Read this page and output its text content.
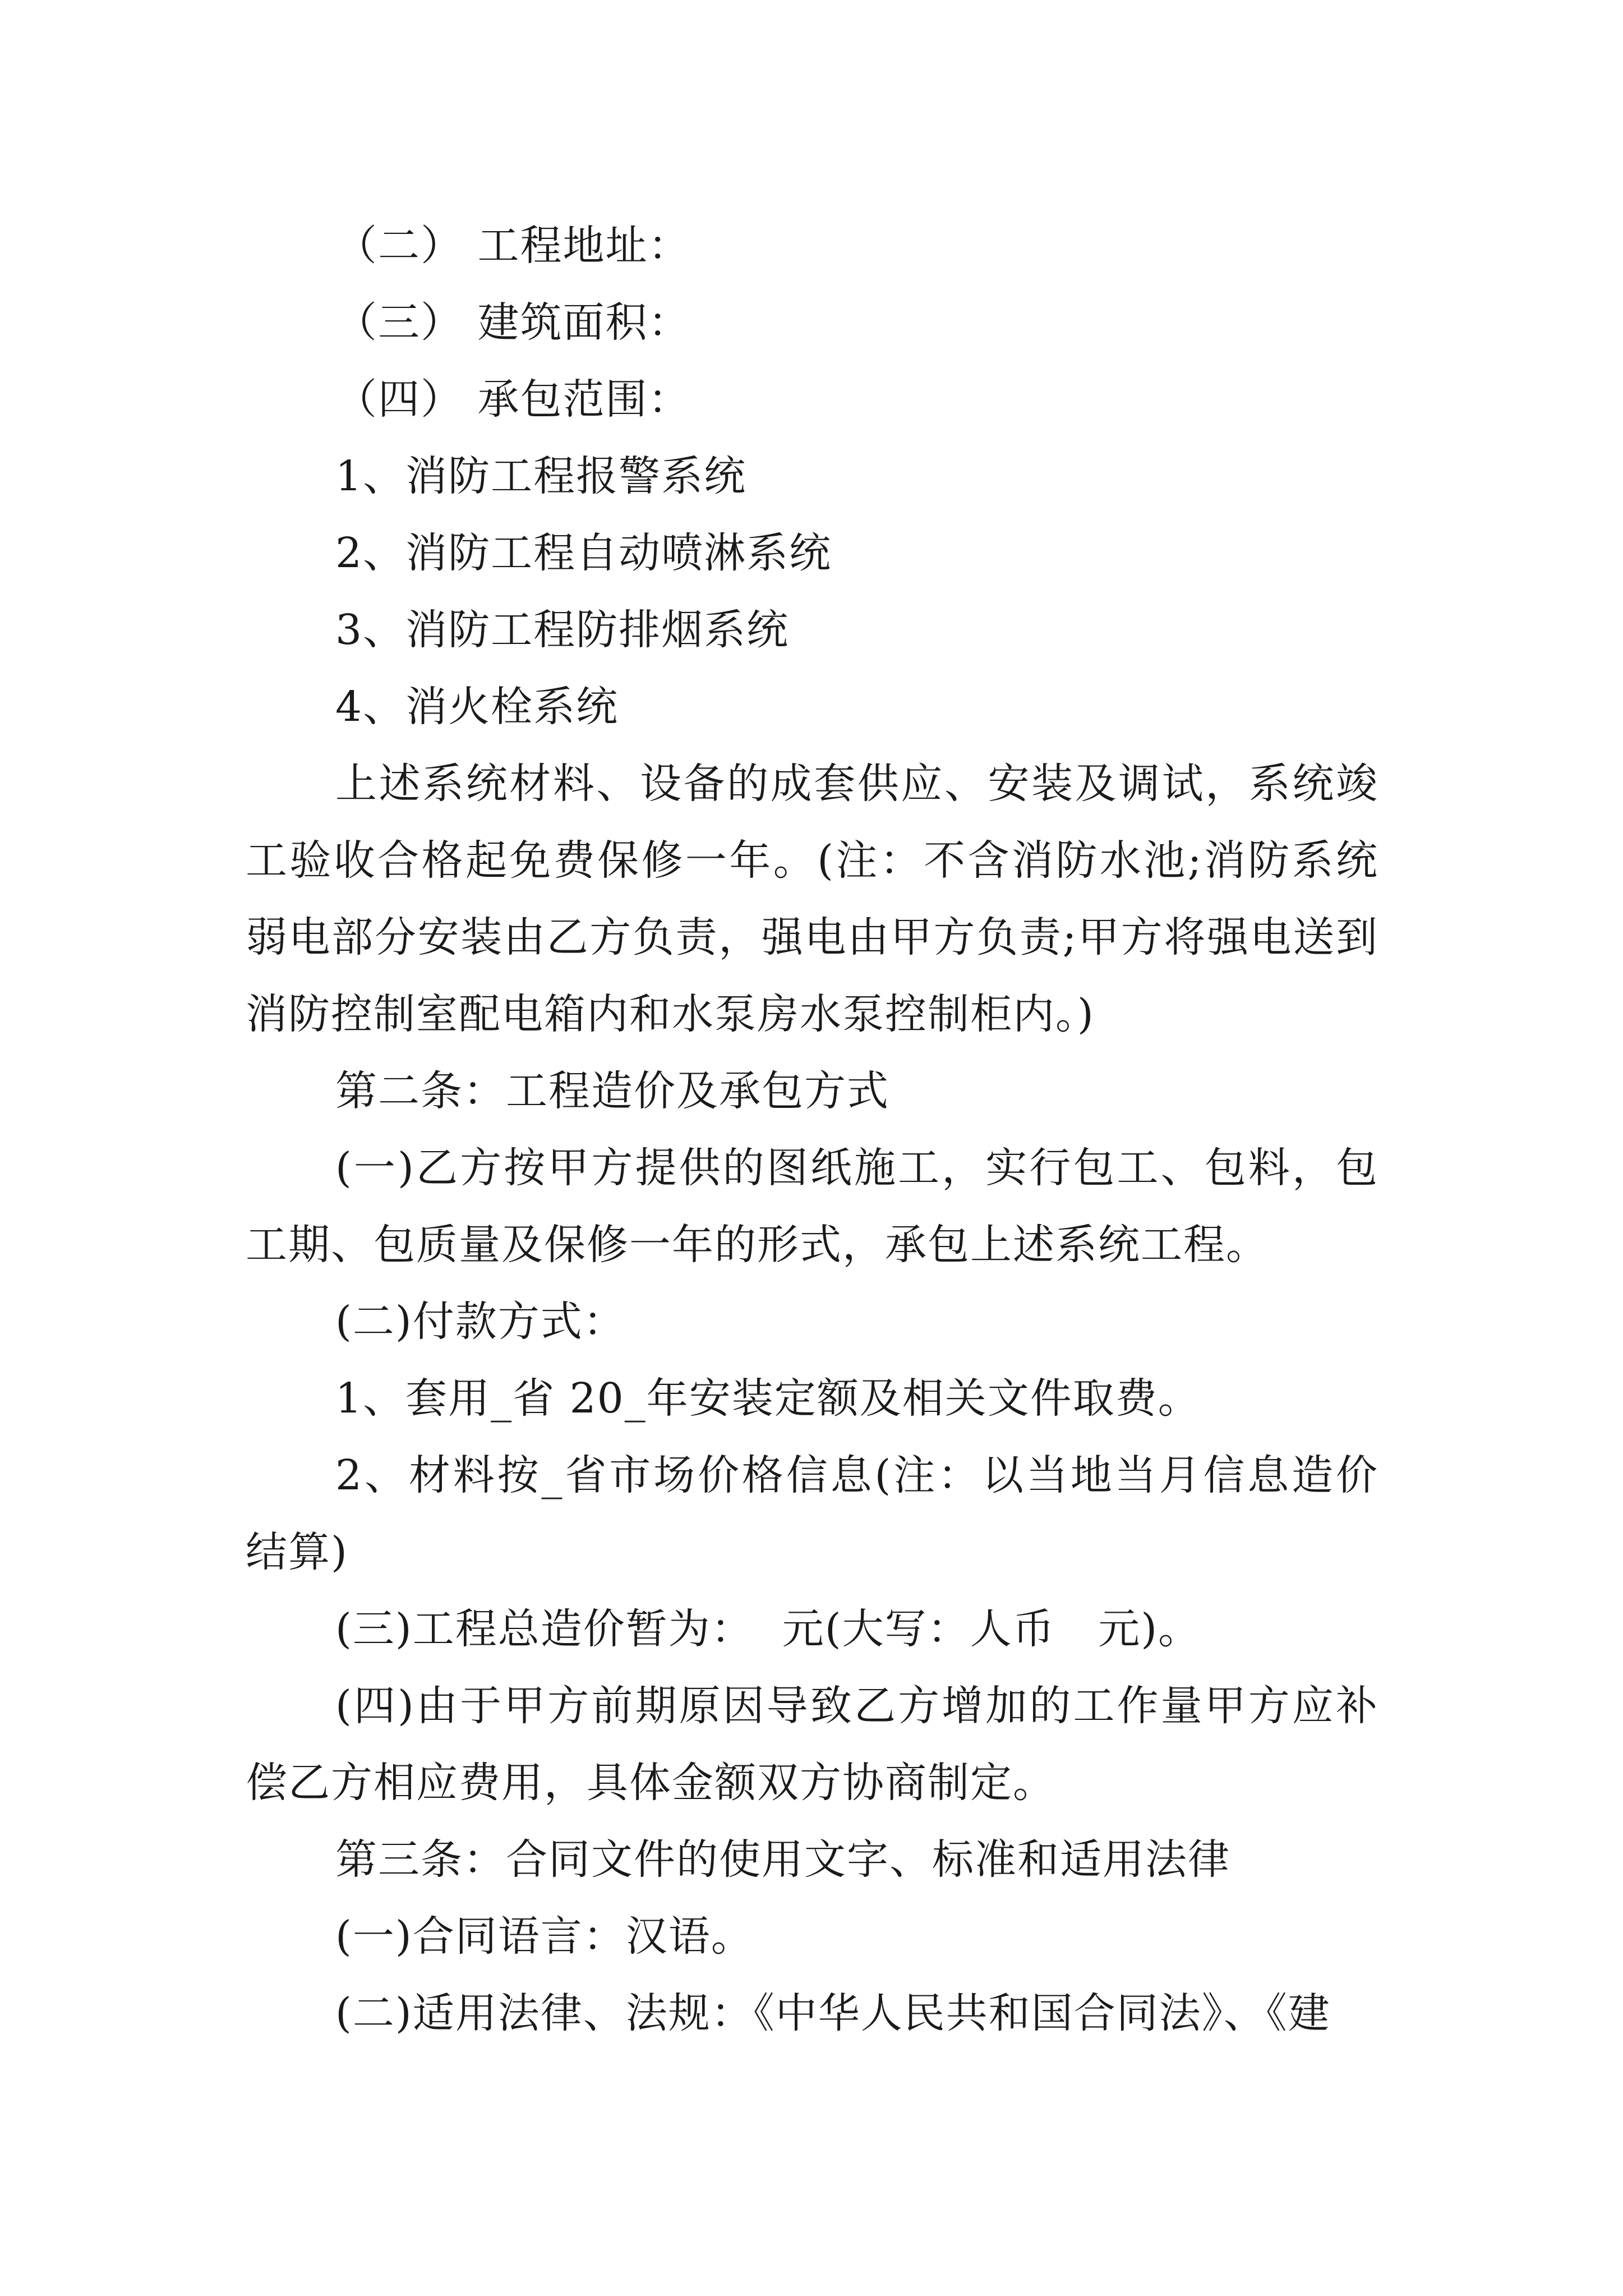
（二） 工程地址：

（三） 建筑面积：

（四） 承包范围：

1、消防工程报警系统

2、消防工程自动喷淋系统

3、消防工程防排烟系统

4、消火栓系统

上述系统材料、设备的成套供应、安装及调试，系统竣工验收合格起免费保修一年。(注：不含消防水池;消防系统弱电部分安装由乙方负责，强电由甲方负责;甲方将强电送到消防控制室配电箱内和水泵房水泵控制柜内。)

第二条：工程造价及承包方式

(一)乙方按甲方提供的图纸施工，实行包工、包料，包工期、包质量及保修一年的形式，承包上述系统工程。

(二)付款方式：

1、套用_省 20_年安装定额及相关文件取费。

2、材料按_省市场价格信息(注：以当地当月信息造价结算)

(三)工程总造价暂为：  元(大写：人币   元)。

(四)由于甲方前期原因导致乙方增加的工作量甲方应补偿乙方相应费用，具体金额双方协商制定。

第三条：合同文件的使用文字、标准和适用法律

(一)合同语言：汉语。

(二)适用法律、法规：《中华人民共和国合同法》、《建
